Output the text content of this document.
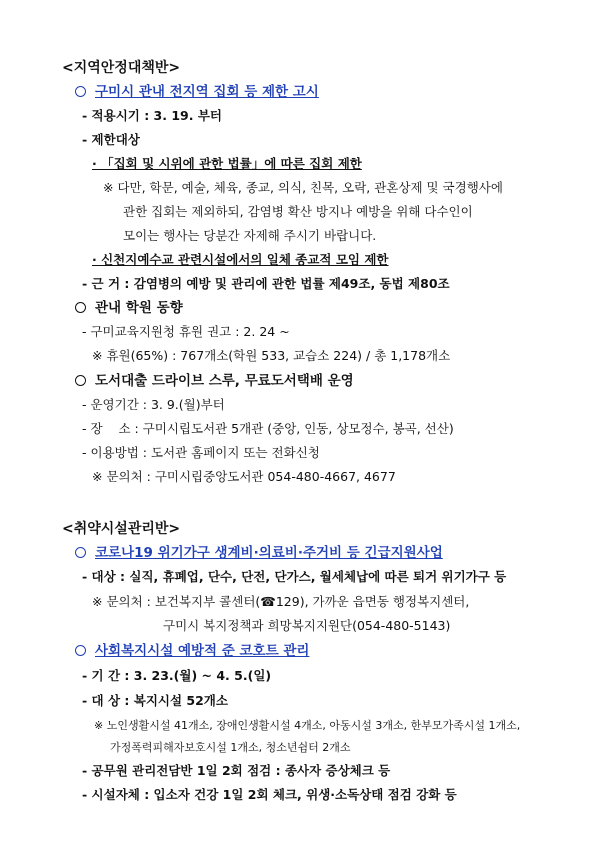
<지역안정대책반>
구미시 관내 전지역 집회 등 제한 고시
- 적용시기 : 3. 19. 부터
- 제한대상
· 「집회 및 시위에 관한 법률」에 따른 집회 제한
※ 다만, 학문, 예술, 체육, 종교, 의식, 친목, 오락, 관혼상제 및 국경행사에
관한 집회는 제외하되, 감염병 확산 방지나 예방을 위해 다수인이
모이는 행사는 당분간 자제해 주시기 바랍니다.
· 신천지예수교 관련시설에서의 일체 종교적 모임 제한
- 근 거 : 감염병의 예방 및 관리에 관한 법률 제49조, 동법 제80조
관내 학원 동향
- 구미교육지원청 휴원 권고 : 2. 24 ~
※ 휴원(65%) : 767개소(학원 533, 교습소 224) / 총 1,178개소
도서대출 드라이브 스루, 무료도서택배 운영
- 운영기간 : 3. 9.(월)부터
- 장    소 : 구미시립도서관 5개관 (중앙, 인동, 상모정수, 봉곡, 선산)
- 이용방법 : 도서관 홈페이지 또는 전화신청
※ 문의처 : 구미시립중앙도서관 054-480-4667, 4677
<취약시설관리반>
코로나19 위기가구 생계비·의료비·주거비 등 긴급지원사업
- 대상 : 실직, 휴폐업, 단수, 단전, 단가스, 월세체납에 따른 퇴거 위기가구 등
※ 문의처 : 보건복지부 콜센터(☎129), 가까운 읍면동 행정복지센터,
구미시 복지정책과 희망복지지원단(054-480-5143)
사회복지시설 예방적 준 코호트 관리
- 기 간 : 3. 23.(월) ~ 4. 5.(일)
- 대 상 : 복지시설 52개소
※ 노인생활시설 41개소, 장애인생활시설 4개소, 아동시설 3개소, 한부모가족시설 1개소,
가정폭력피해자보호시설 1개소, 청소년쉼터 2개소
- 공무원 관리전담반 1일 2회 점검 : 종사자 증상체크 등
- 시설자체 : 입소자 건강 1일 2회 체크, 위생·소독상태 점검 강화 등
